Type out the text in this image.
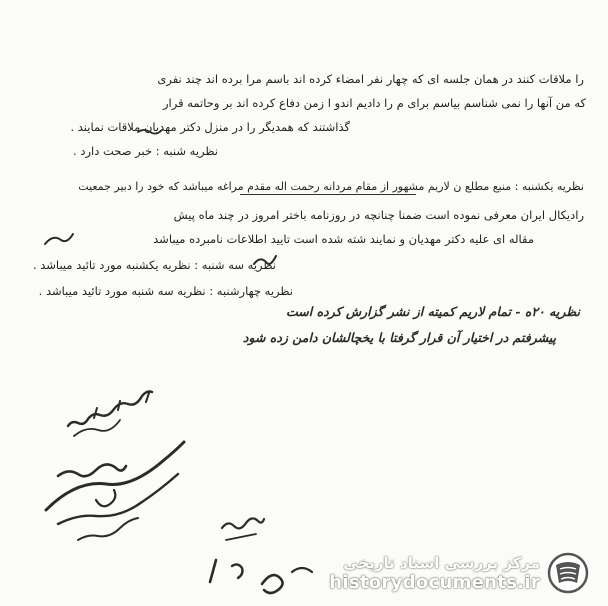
را ملاقات کنند در همان جلسه ای که چهار نفر امضاء کرده اند باسم مرا برده اند چند نفری
که من آنها را نمی شناسم بیاسم برای م را دادیم اندو ا زمن دفاع کرده اند بر وحاتمه قرار
گذاشتند که همدیگر را در منزل دکتر مهدیان ملاقات نمایند .
نظریه شنبه : خبر صحت دارد .
نظریه یکشنبه : منبع مطلع ن لاریم مشهور از مقام مردانه رحمت اله مقدم مراغه میباشد که خود را دبیر جمعیت
رادیکال ایران معرفی نموده است ضمنا چنانچه در روزنامه باختر امروز در چند ماه پیش
مقاله ای علیه دکتر مهدیان و نمایند شته شده است تایید اطلاعات نامبرده میباشد
نظریه سه شنبه : نظریه یکشنبه مورد تائید میباشد .
نظریه چهارشنبه : نظریه سه شنبه مورد تائید میباشد .
نظریه ۲۰ه - تمام لاریم کمیته از نشر گزارش کرده است
پیشرفتم در اختیار آن قرار گرفتا با یخچالشان دامن زده شود
مرکز بررسی اسناد تاریخی
historydocuments.ir
